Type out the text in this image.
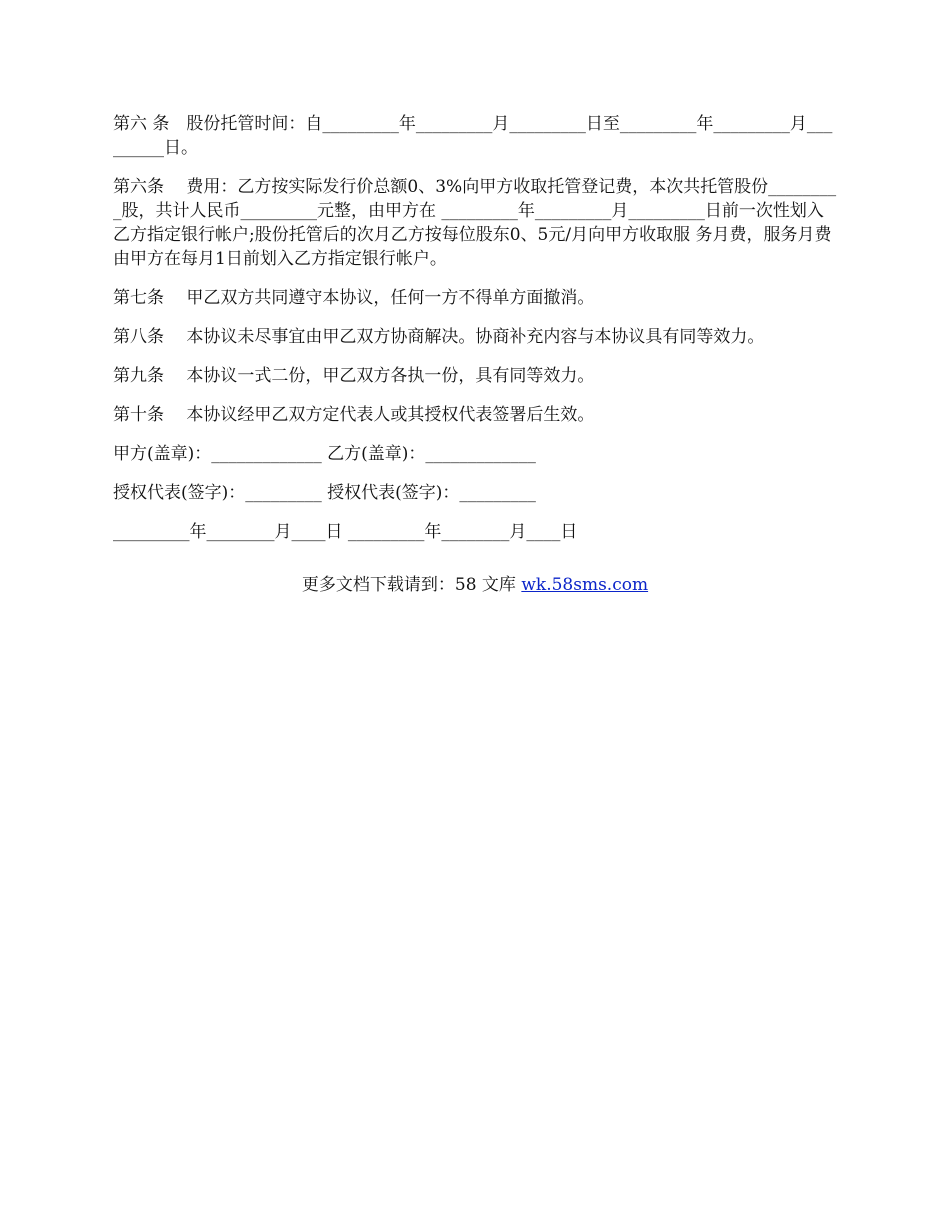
第六 条　股份托管时间：自_________年_________月_________日至_________年_________月_________日。

第六条　 费用：乙方按实际发行价总额0、3%向甲方收取托管登记费，本次共托管股份_________股，共计人民币_________元整，由甲方在 _________年_________月_________日前一次性划入乙方指定银行帐户;股份托管后的次月乙方按每位股东0、5元/月向甲方收取服 务月费，服务月费由甲方在每月1日前划入乙方指定银行帐户。

第七条　 甲乙双方共同遵守本协议，任何一方不得单方面撤消。

第八条　 本协议未尽事宜由甲乙双方协商解决。协商补充内容与本协议具有同等效力。

第九条　 本协议一式二份，甲乙双方各执一份，具有同等效力。

第十条　 本协议经甲乙双方定代表人或其授权代表签署后生效。

甲方(盖章)：_____________ 乙方(盖章)：_____________

授权代表(签字)：_________ 授权代表(签字)：_________

_________年________月____日 _________年________月____日

更多文档下载请到：58 文库 wk.58sms.com
